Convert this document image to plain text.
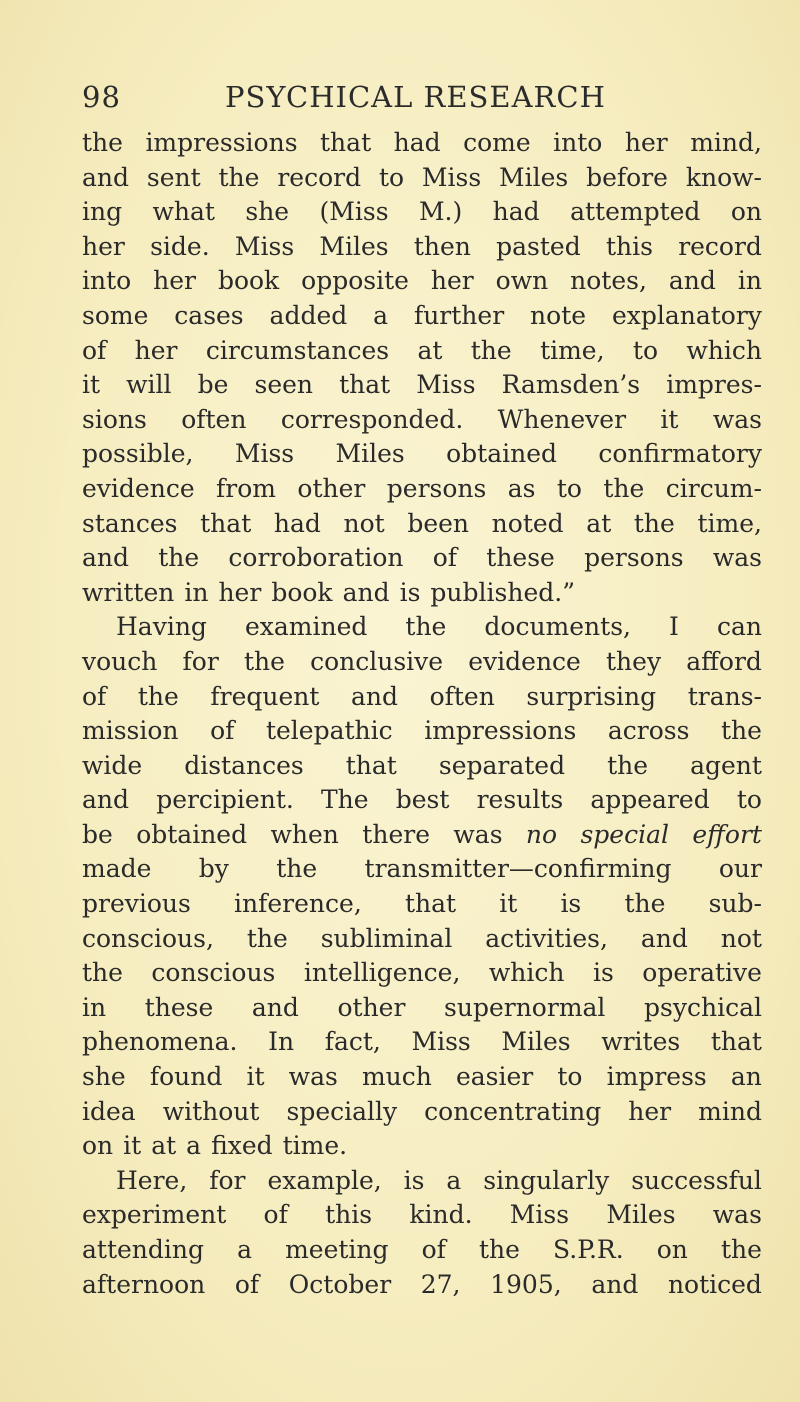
98	PSYCHICAL RESEARCH
the impressions that had come into her mind,
and sent the record to Miss Miles before know-
ing what she (Miss M.) had attempted on
her side. Miss Miles then pasted this record
into her book opposite her own notes, and in
some cases added a further note explanatory
of her circumstances at the time, to which
it will be seen that Miss Ramsden’s impres-
sions often corresponded. Whenever it was
possible, Miss Miles obtained confirmatory
evidence from other persons as to the circum-
stances that had not been noted at the time,
and the corroboration of these persons was
written in her book and is published.”
Having examined the documents, I can
vouch for the conclusive evidence they afford
of the frequent and often surprising trans-
mission of telepathic impressions across the
wide distances that separated the agent
and percipient. The best results appeared to
be obtained when there was no special effort
made by the transmitter—confirming our
previous inference, that it is the sub-
conscious, the subliminal activities, and not
the conscious intelligence, which is operative
in these and other supernormal psychical
phenomena. In fact, Miss Miles writes that
she found it was much easier to impress an
idea without specially concentrating her mind
on it at a fixed time.
Here, for example, is a singularly successful
experiment of this kind. Miss Miles was
attending a meeting of the S.P.R. on the
afternoon of October 27, 1905, and noticed
